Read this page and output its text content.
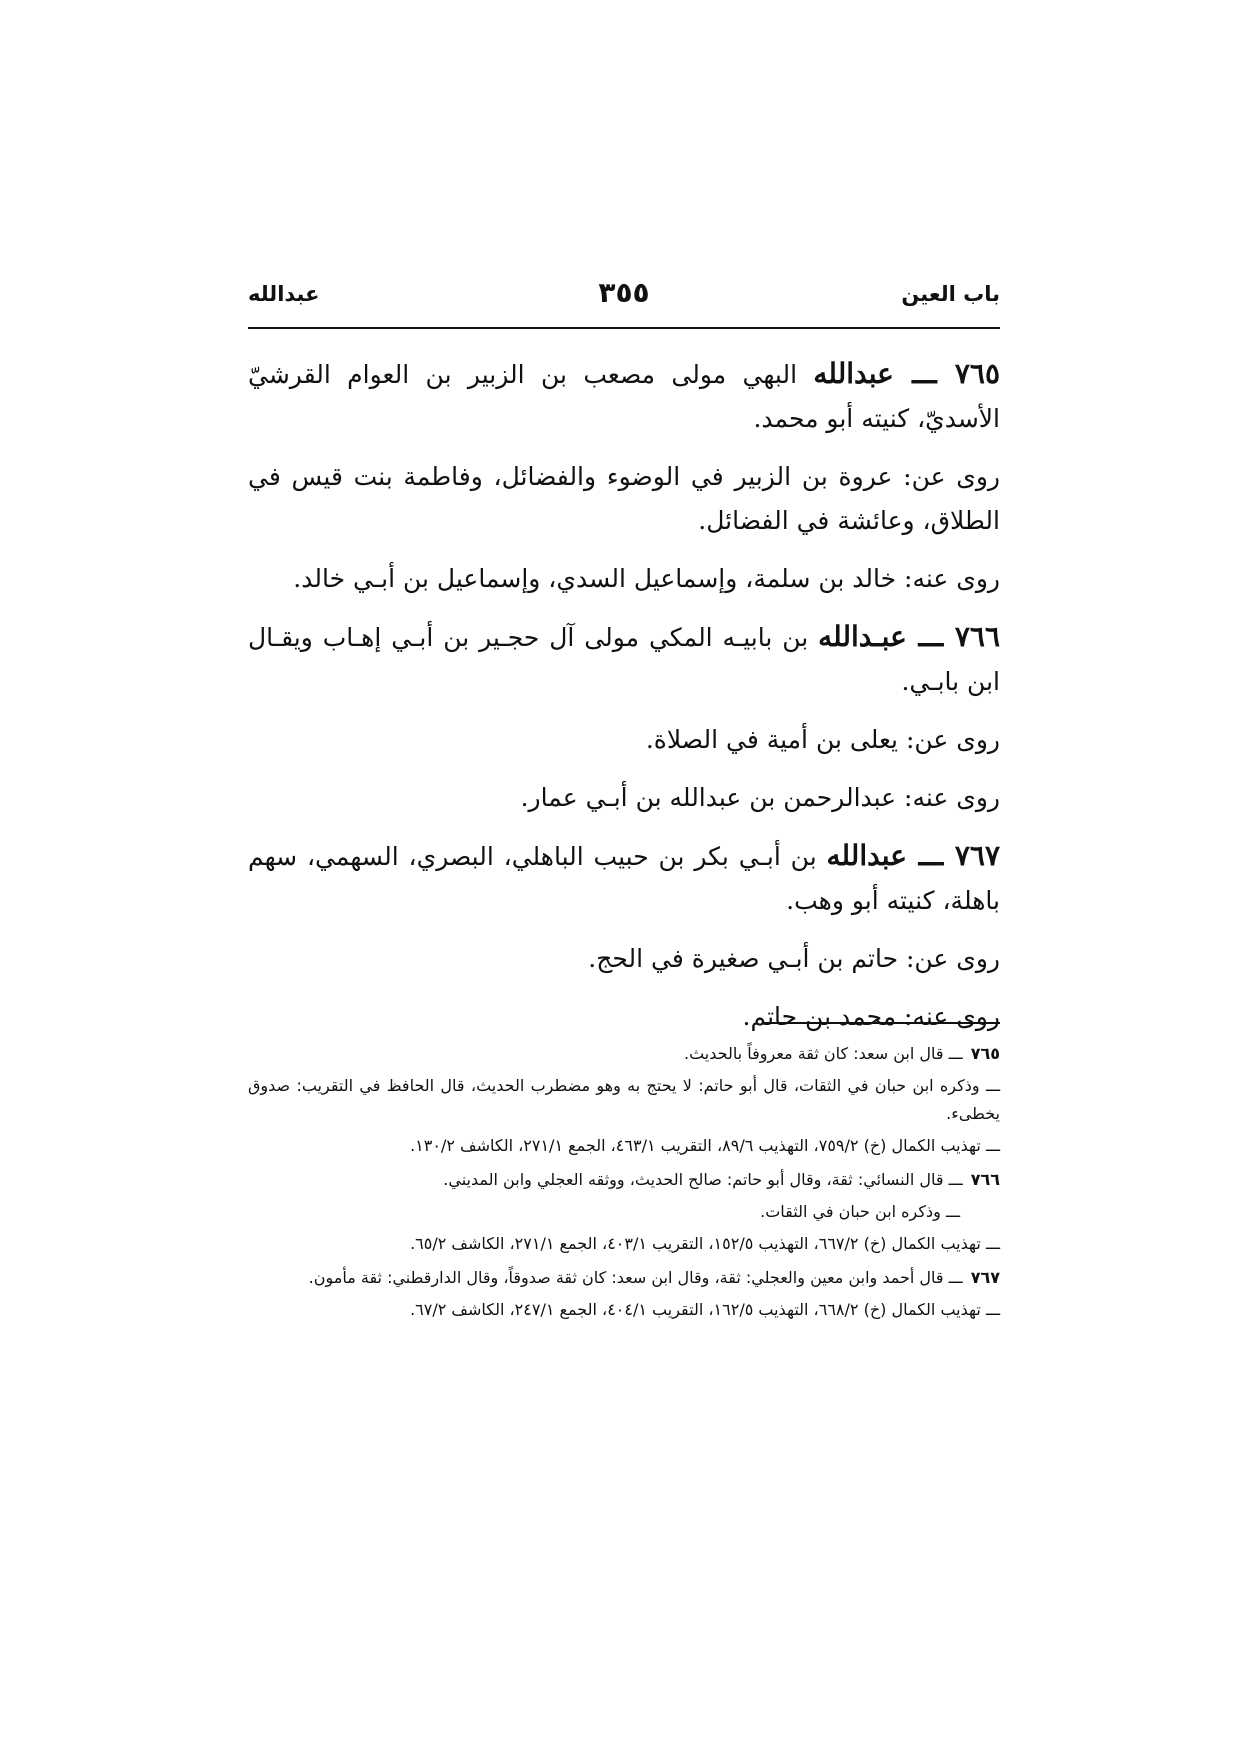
باب العين
٣٥٥
عبدالله

٧٦٥ ـــ عبدالله البهي مولى مصعب بن الزبير بن العوام القرشيّ الأسديّ، كنيته أبو محمد.

روى عن: عروة بن الزبير في الوضوء والفضائل، وفاطمة بنت قيس في الطلاق، وعائشة في الفضائل.

روى عنه: خالد بن سلمة، وإسماعيل السدي، وإسماعيل بن أبـي خالد.

٧٦٦ ـــ عبـدالله بن بابيـه المكي مولى آل حجـير بن أبـي إهـاب ويقـال ابن بابـي.

روى عن: يعلى بن أمية في الصلاة.

روى عنه: عبدالرحمن بن عبدالله بن أبـي عمار.

٧٦٧ ـــ عبدالله بن أبـي بكر بن حبيب الباهلي، البصري، السهمي، سهم باهلة، كنيته أبو وهب.

روى عن: حاتم بن أبـي صغيرة في الحج.

روى عنه: محمد بن حاتم.

٧٦٥ـــ قال ابن سعد: كان ثقة معروفاً بالحديث.

ـــ وذكره ابن حبان في الثقات، قال أبو حاتم: لا يحتج به وهو مضطرب الحديث، قال الحافظ في التقريب: صدوق يخطىء.

ـــ تهذيب الكمال (خ) ٧٥٩/٢، التهذيب ٨٩/٦، التقريب ٤٦٣/١، الجمع ٢٧١/١، الكاشف ١٣٠/٢.

٧٦٦ـــ قال النسائي: ثقة، وقال أبو حاتم: صالح الحديث، ووثقه العجلي وابن المديني.

ـــ وذكره ابن حبان في الثقات.

ـــ تهذيب الكمال (خ) ٦٦٧/٢، التهذيب ١٥٢/٥، التقريب ٤٠٣/١، الجمع ٢٧١/١، الكاشف ٦٥/٢.

٧٦٧ـــ قال أحمد وابن معين والعجلي: ثقة، وقال ابن سعد: كان ثقة صدوقاً، وقال الدارقطني: ثقة مأمون.

ـــ تهذيب الكمال (خ) ٦٦٨/٢، التهذيب ١٦٢/٥، التقريب ٤٠٤/١، الجمع ٢٤٧/١، الكاشف ٦٧/٢.
